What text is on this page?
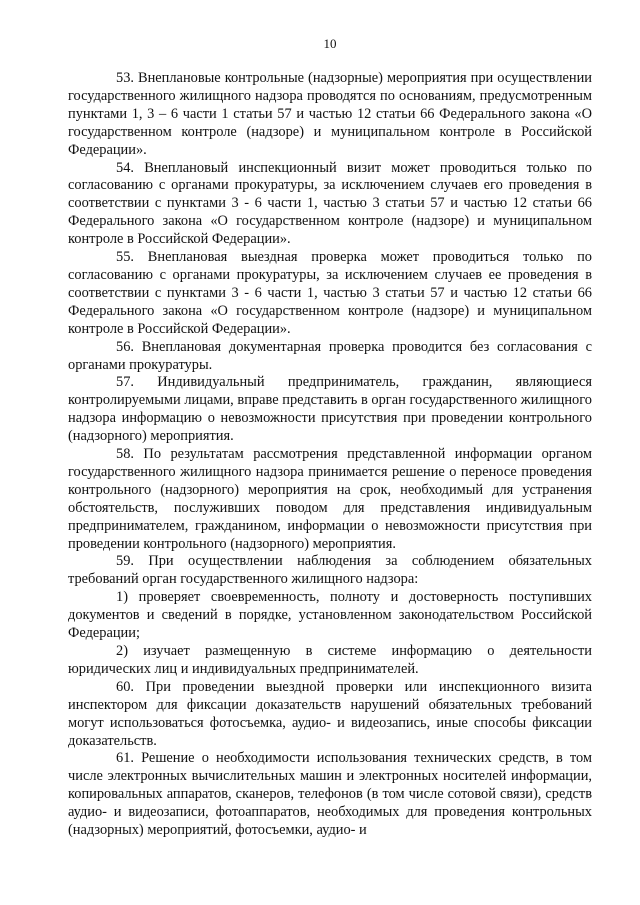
10

53. Внеплановые контрольные (надзорные) мероприятия при осуществлении государственного жилищного надзора проводятся по основаниям, предусмотренным пунктами 1, 3 – 6 части 1 статьи 57 и частью 12 статьи 66 Федерального закона «О государственном контроле (надзоре) и муниципальном контроле в Российской Федерации».

54. Внеплановый инспекционный визит может проводиться только по согласованию с органами прокуратуры, за исключением случаев его проведения в соответствии с пунктами 3 - 6 части 1, частью 3 статьи 57 и частью 12 статьи 66 Федерального закона «О государственном контроле (надзоре) и муниципальном контроле в Российской Федерации».

55. Внеплановая выездная проверка может проводиться только по согласованию с органами прокуратуры, за исключением случаев ее проведения в соответствии с пунктами 3 - 6 части 1, частью 3 статьи 57 и частью 12 статьи 66 Федерального закона «О государственном контроле (надзоре) и муниципальном контроле в Российской Федерации».

56. Внеплановая документарная проверка проводится без согласования с органами прокуратуры.

57. Индивидуальный предприниматель, гражданин, являющиеся контролируемыми лицами, вправе представить в орган государственного жилищного надзора информацию о невозможности присутствия при проведении контрольного (надзорного) мероприятия.

58. По результатам рассмотрения представленной информации органом государственного жилищного надзора принимается решение о переносе проведения контрольного (надзорного) мероприятия на срок, необходимый для устранения обстоятельств, послуживших поводом для представления индивидуальным предпринимателем, гражданином, информации о невозможности присутствия при проведении контрольного (надзорного) мероприятия.

59. При осуществлении наблюдения за соблюдением обязательных требований орган государственного жилищного надзора:

1) проверяет своевременность, полноту и достоверность поступивших документов и сведений в порядке, установленном законодательством Российской Федерации;

2) изучает размещенную в системе информацию о деятельности юридических лиц и индивидуальных предпринимателей.

60. При проведении выездной проверки или инспекционного визита инспектором для фиксации доказательств нарушений обязательных требований могут использоваться фотосъемка, аудио- и видеозапись, иные способы фиксации доказательств.

61. Решение о необходимости использования технических средств, в том числе электронных вычислительных машин и электронных носителей информации, копировальных аппаратов, сканеров, телефонов (в том числе сотовой связи), средств аудио- и видеозаписи, фотоаппаратов, необходимых для проведения контрольных (надзорных) мероприятий, фотосъемки, аудио- и
